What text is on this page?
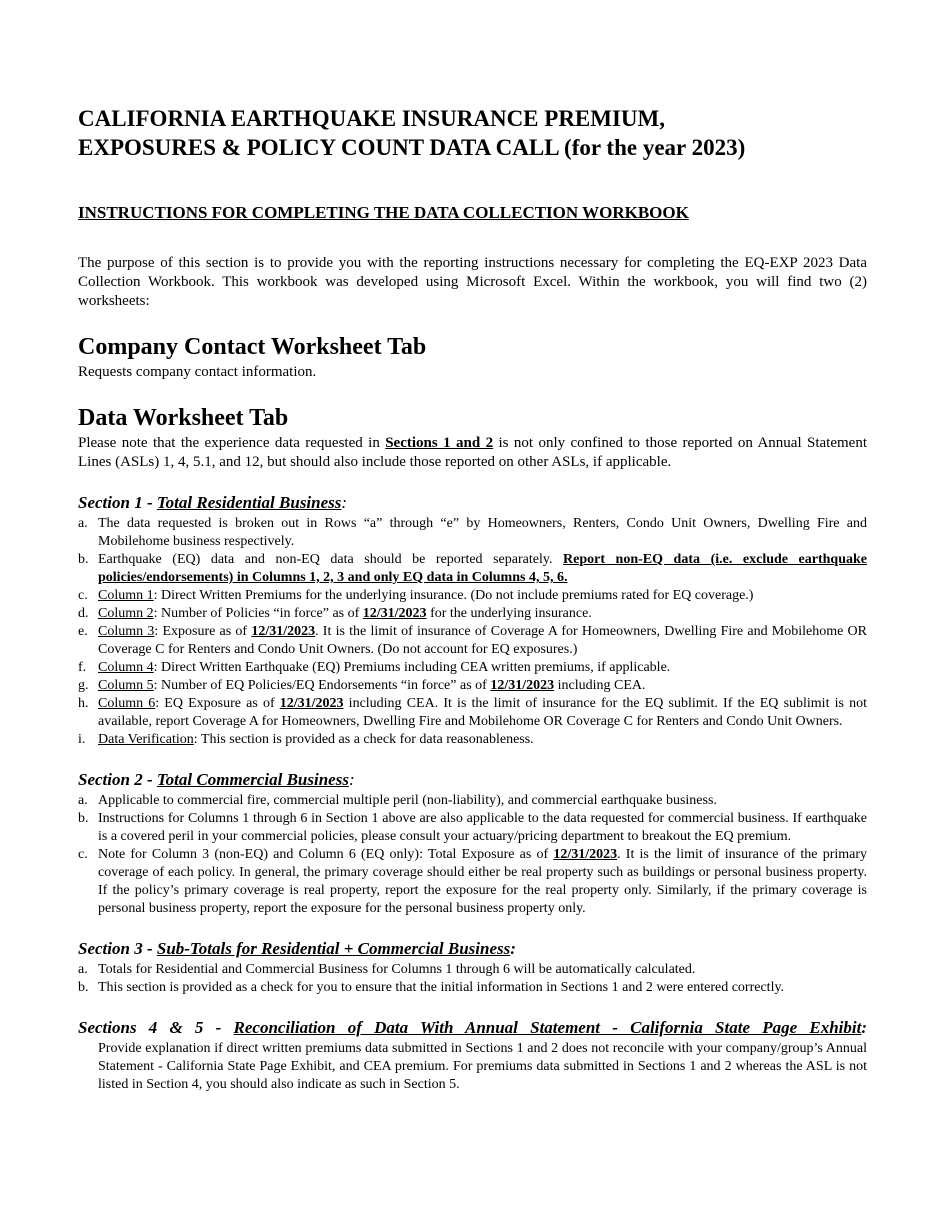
CALIFORNIA EARTHQUAKE INSURANCE PREMIUM,
EXPOSURES & POLICY COUNT DATA CALL (for the year 2023)
INSTRUCTIONS FOR COMPLETING THE DATA COLLECTION WORKBOOK

The purpose of this section is to provide you with the reporting instructions necessary for completing the EQ-EXP 2023 Data Collection Workbook. This workbook was developed using Microsoft Excel. Within the workbook, you will find two (2) worksheets:

Company Contact Worksheet Tab

Requests company contact information.

Data Worksheet Tab

Please note that the experience data requested in Sections 1 and 2 is not only confined to those reported on Annual Statement Lines (ASLs) 1, 4, 5.1, and 12, but should also include those reported on other ASLs, if applicable.

Section 1 - Total Residential Business:
a. The data requested is broken out in Rows “a” through “e” by Homeowners, Renters, Condo Unit Owners, Dwelling Fire and Mobilehome business respectively.
b. Earthquake (EQ) data and non-EQ data should be reported separately. Report non-EQ data (i.e. exclude earthquake policies/endorsements) in Columns 1, 2, 3 and only EQ data in Columns 4, 5, 6.
c. Column 1: Direct Written Premiums for the underlying insurance. (Do not include premiums rated for EQ coverage.)
d. Column 2: Number of Policies “in force” as of 12/31/2023 for the underlying insurance.
e. Column 3: Exposure as of 12/31/2023. It is the limit of insurance of Coverage A for Homeowners, Dwelling Fire and Mobilehome OR Coverage C for Renters and Condo Unit Owners. (Do not account for EQ exposures.)
f. Column 4: Direct Written Earthquake (EQ) Premiums including CEA written premiums, if applicable.
g. Column 5: Number of EQ Policies/EQ Endorsements “in force” as of 12/31/2023 including CEA.
h. Column 6: EQ Exposure as of 12/31/2023 including CEA. It is the limit of insurance for the EQ sublimit. If the EQ sublimit is not available, report Coverage A for Homeowners, Dwelling Fire and Mobilehome OR Coverage C for Renters and Condo Unit Owners.
i. Data Verification: This section is provided as a check for data reasonableness.
Section 2 - Total Commercial Business:
a. Applicable to commercial fire, commercial multiple peril (non-liability), and commercial earthquake business.
b. Instructions for Columns 1 through 6 in Section 1 above are also applicable to the data requested for commercial business. If earthquake is a covered peril in your commercial policies, please consult your actuary/pricing department to breakout the EQ premium.
c. Note for Column 3 (non-EQ) and Column 6 (EQ only): Total Exposure as of 12/31/2023. It is the limit of insurance of the primary coverage of each policy. In general, the primary coverage should either be real property such as buildings or personal business property. If the policy’s primary coverage is real property, report the exposure for the real property only. Similarly, if the primary coverage is personal business property, report the exposure for the personal business property only.
Section 3 - Sub-Totals for Residential + Commercial Business:
a. Totals for Residential and Commercial Business for Columns 1 through 6 will be automatically calculated.
b. This section is provided as a check for you to ensure that the initial information in Sections 1 and 2 were entered correctly.
Sections 4 & 5 - Reconciliation of Data With Annual Statement - California State Page Exhibit:

Provide explanation if direct written premiums data submitted in Sections 1 and 2 does not reconcile with your company/group’s Annual Statement - California State Page Exhibit, and CEA premium. For premiums data submitted in Sections 1 and 2 whereas the ASL is not listed in Section 4, you should also indicate as such in Section 5.
